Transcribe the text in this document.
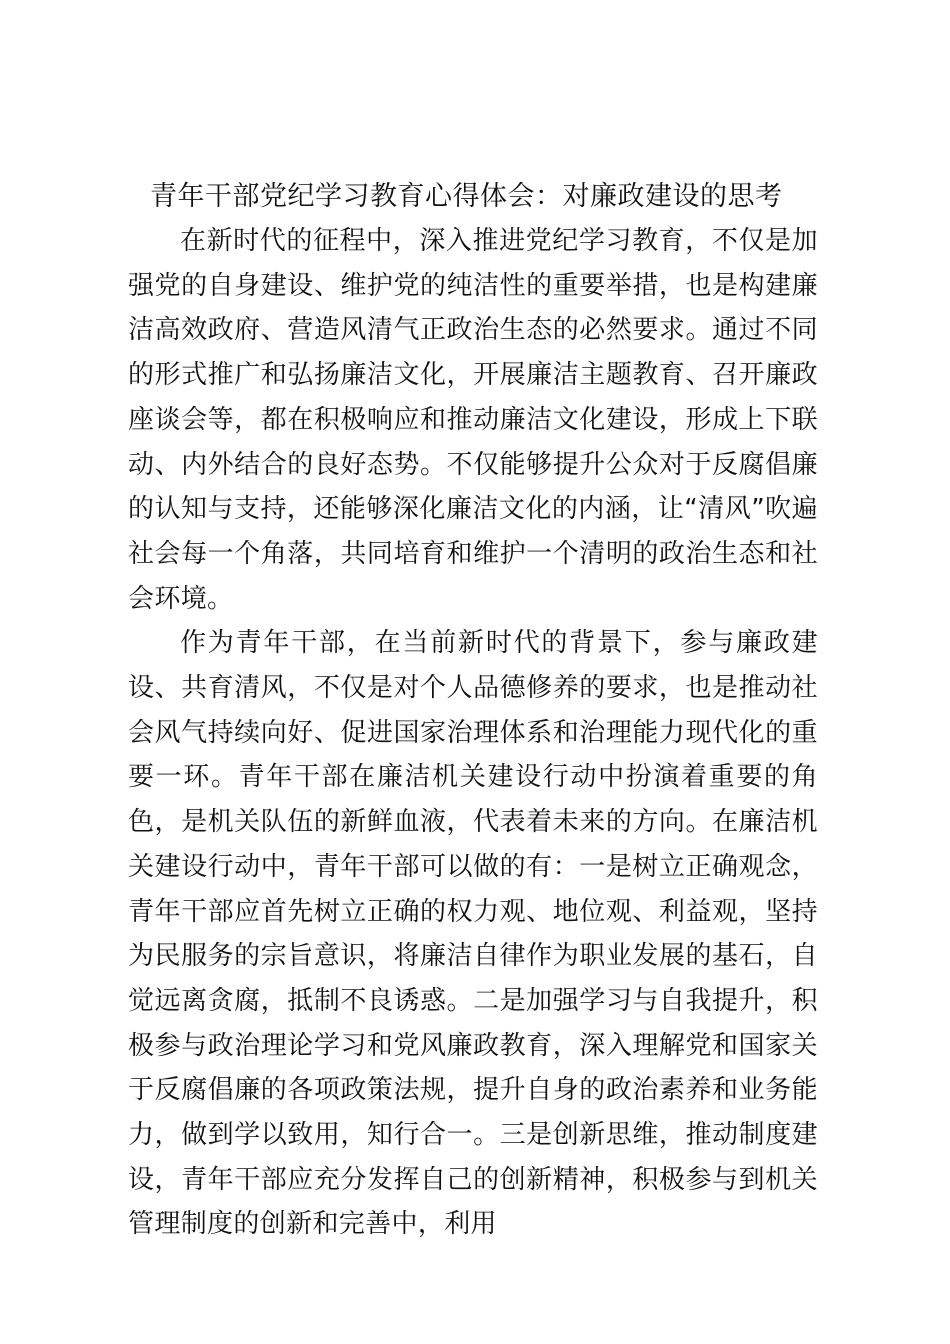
青年干部党纪学习教育心得体会：对廉政建设的思考

在新时代的征程中，深入推进党纪学习教育，不仅是加强党的自身建设、维护党的纯洁性的重要举措，也是构建廉洁高效政府、营造风清气正政治生态的必然要求。通过不同的形式推广和弘扬廉洁文化，开展廉洁主题教育、召开廉政座谈会等，都在积极响应和推动廉洁文化建设，形成上下联动、内外结合的良好态势。不仅能够提升公众对于反腐倡廉的认知与支持，还能够深化廉洁文化的内涵，让“清风”吹遍社会每一个角落，共同培育和维护一个清明的政治生态和社会环境。

作为青年干部，在当前新时代的背景下，参与廉政建设、共育清风，不仅是对个人品德修养的要求，也是推动社会风气持续向好、促进国家治理体系和治理能力现代化的重要一环。青年干部在廉洁机关建设行动中扮演着重要的角色，是机关队伍的新鲜血液，代表着未来的方向。在廉洁机关建设行动中，青年干部可以做的有：一是树立正确观念，青年干部应首先树立正确的权力观、地位观、利益观，坚持为民服务的宗旨意识，将廉洁自律作为职业发展的基石，自觉远离贪腐，抵制不良诱惑。二是加强学习与自我提升，积极参与政治理论学习和党风廉政教育，深入理解党和国家关于反腐倡廉的各项政策法规，提升自身的政治素养和业务能力，做到学以致用，知行合一。三是创新思维，推动制度建设，青年干部应充分发挥自己的创新精神，积极参与到机关管理制度的创新和完善中，利用
